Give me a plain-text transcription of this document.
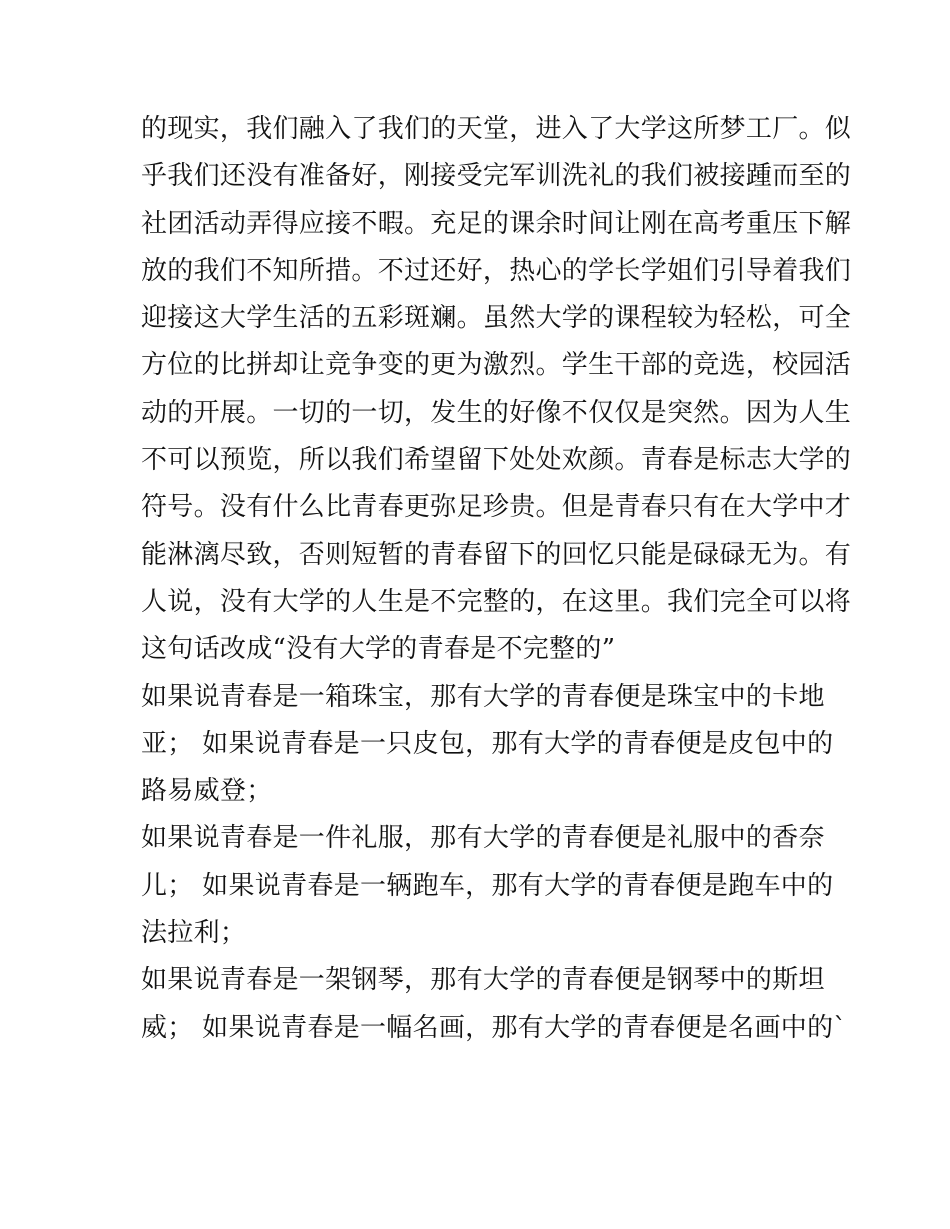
的现实，我们融入了我们的天堂，进入了大学这所梦工厂。似
乎我们还没有准备好，刚接受完军训洗礼的我们被接踵而至的
社团活动弄得应接不暇。充足的课余时间让刚在高考重压下解
放的我们不知所措。不过还好，热心的学长学姐们引导着我们
迎接这大学生活的五彩斑斓。虽然大学的课程较为轻松，可全
方位的比拼却让竞争变的更为激烈。学生干部的竞选，校园活
动的开展。一切的一切，发生的好像不仅仅是突然。因为人生
不可以预览，所以我们希望留下处处欢颜。青春是标志大学的
符号。没有什么比青春更弥足珍贵。但是青春只有在大学中才
能淋漓尽致，否则短暂的青春留下的回忆只能是碌碌无为。有
人说，没有大学的人生是不完整的，在这里。我们完全可以将
这句话改成“没有大学的青春是不完整的”
如果说青春是一箱珠宝，那有大学的青春便是珠宝中的卡地
亚； 如果说青春是一只皮包，那有大学的青春便是皮包中的
路易威登；
如果说青春是一件礼服，那有大学的青春便是礼服中的香奈
儿； 如果说青春是一辆跑车，那有大学的青春便是跑车中的
法拉利；
如果说青春是一架钢琴，那有大学的青春便是钢琴中的斯坦
威； 如果说青春是一幅名画，那有大学的青春便是名画中的`
